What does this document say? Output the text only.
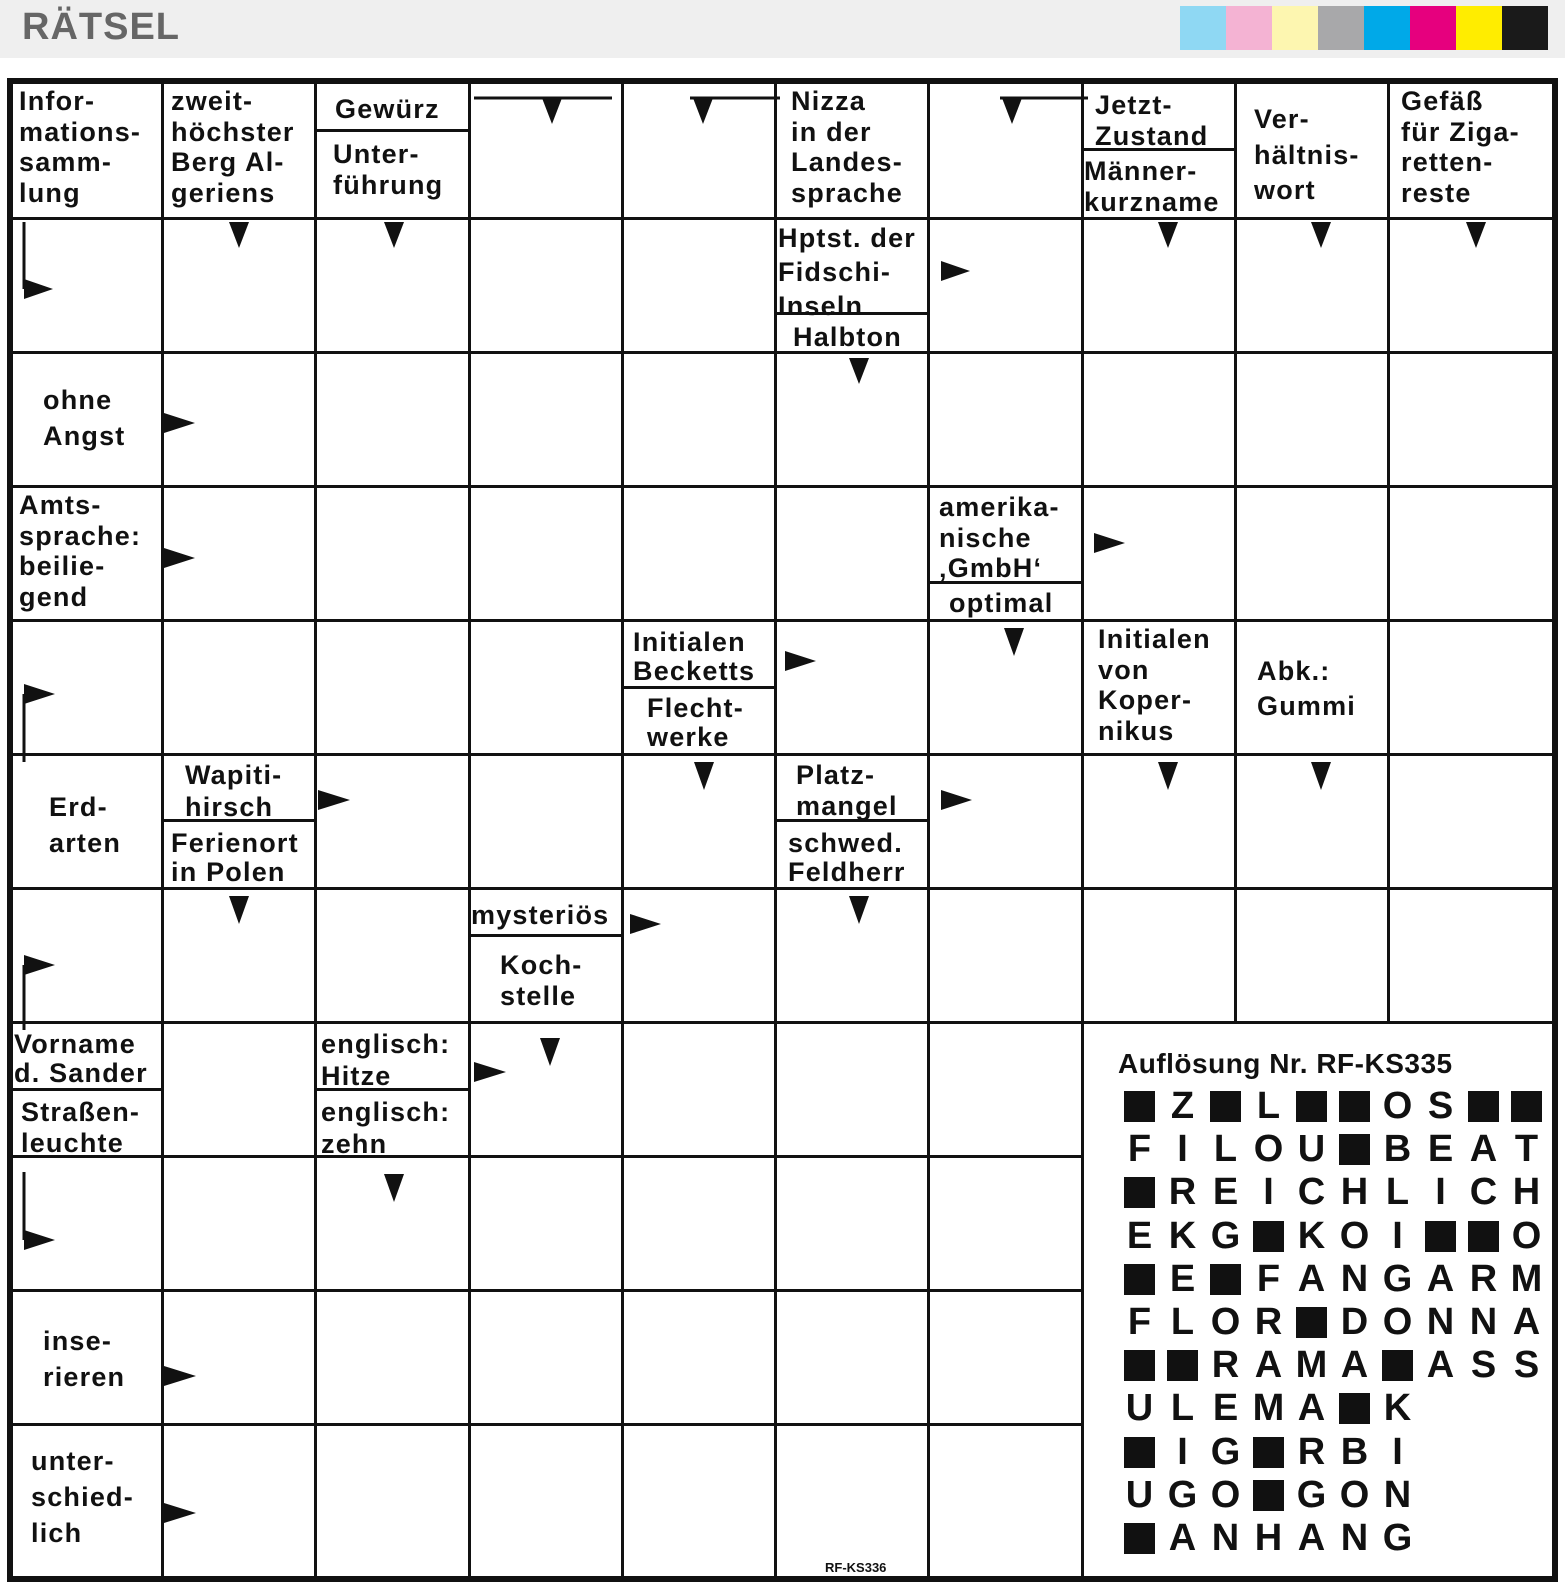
RÄTSEL
Infor-
mations-
samm-
lung
zweit-
höchster
Berg Al-
geriens
Gewürz
Unter-
führung
Nizza
in der
Landes-
sprache
Jetzt-
Zustand
Männer-
kurzname
Ver-
hältnis-
wort
Gefäß
für Ziga-
retten-
reste
Hptst. der
Fidschi-
Inseln
Halbton
ohne
Angst
Amts-
sprache:
beilie-
gend
amerika-
nische
‚GmbH‘
optimal
Initialen
Becketts
Flecht-
werke
Initialen
von
Koper-
nikus
Abk.:
Gummi
Erd-
arten
Wapiti-
hirsch
Ferienort
in Polen
Platz-
mangel
schwed.
Feldherr
mysteriös
Koch-
stelle
Vorname
d. Sander
Straßen-
leuchte
englisch:
Hitze
englisch:
zehn
inse-
rieren
unter-
schied-
lich
Auflösung Nr. RF-KS335
Z L	O S
F I L O U B E A T
R E I C H L I C H
E K G K O I	O
E F A N G A R M
F L O R D O N N A
R A M A A S S
U L E M A K
I G R B I
U G O G O N
A N H A N G
RF-KS336
